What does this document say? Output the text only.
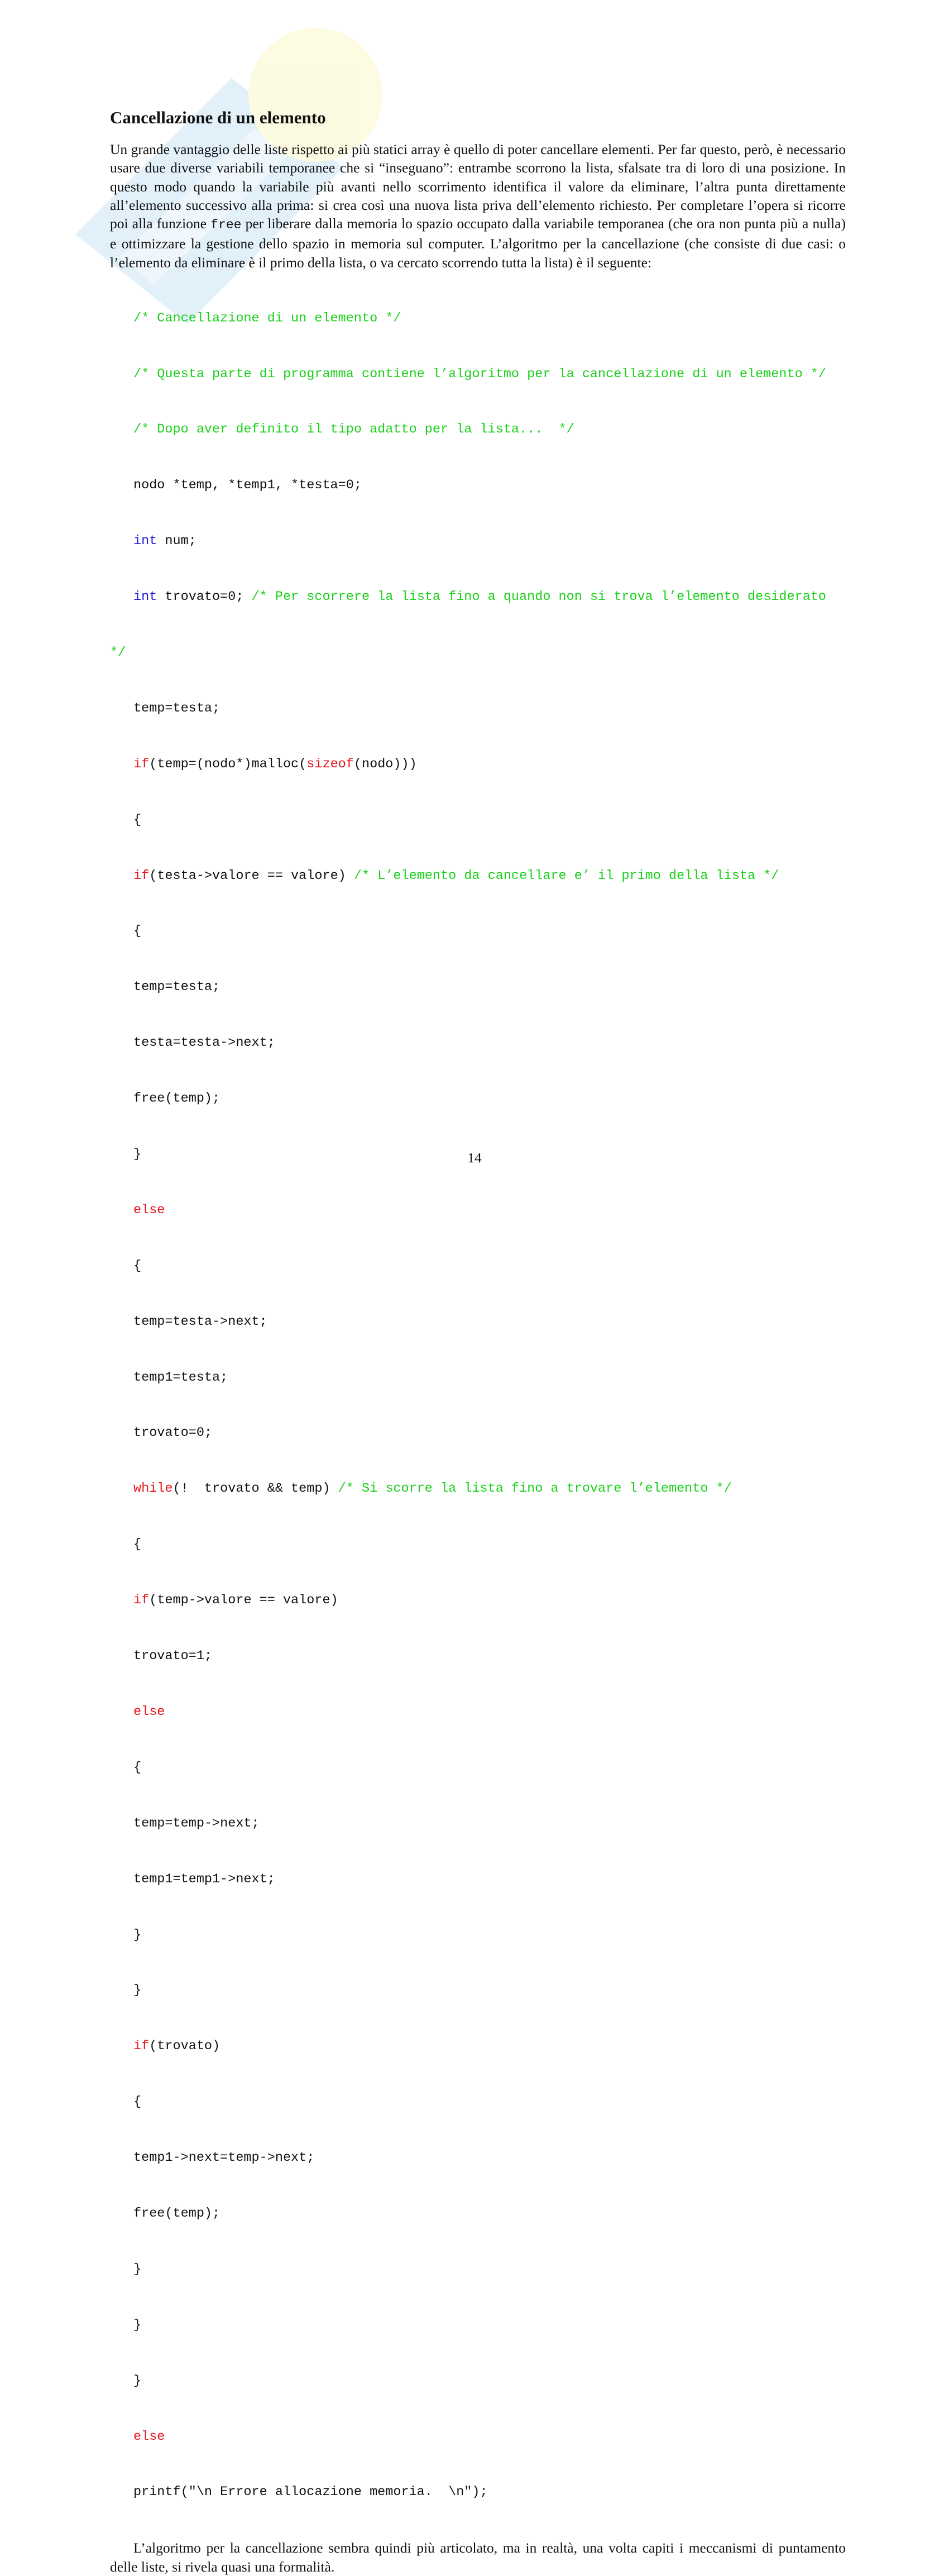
Cancellazione di un elemento

Un grande vantaggio delle liste rispetto ai più statici array è quello di poter cancellare elementi. Per far questo, però, è necessario usare due diverse variabili temporanee che si “inseguano”: entrambe scorrono la lista, sfalsate tra di loro di una posizione. In questo modo quando la variabile più avanti nello scorrimento identifica il valore da eliminare, l’altra punta direttamente all’elemento successivo alla prima: si crea così una nuova lista priva dell’elemento richiesto. Per completare l’opera si ricorre poi alla funzione free per liberare dalla memoria lo spazio occupato dalla variabile temporanea (che ora non punta più a nulla) e ottimizzare la gestione dello spazio in memoria sul computer. L’algoritmo per la cancellazione (che consiste di due casi: o l’elemento da eliminare è il primo della lista, o va cercato scorrendo tutta la lista) è il seguente:

/* Cancellazione di un elemento */

/* Questa parte di programma contiene l’algoritmo per la cancellazione di un elemento */

/* Dopo aver definito il tipo adatto per la lista...  */

nodo *temp, *temp1, *testa=0;

int num;

int trovato=0; /* Per scorrere la lista fino a quando non si trova l’elemento desiderato

*/

temp=testa;

if(temp=(nodo*)malloc(sizeof(nodo)))

{

if(testa->valore == valore) /* L’elemento da cancellare e’ il primo della lista */

{

temp=testa;

testa=testa->next;

free(temp);

}

else

{

temp=testa->next;

temp1=testa;

trovato=0;

while(!  trovato && temp) /* Si scorre la lista fino a trovare l’elemento */

{

if(temp->valore == valore)

trovato=1;

else

{

temp=temp->next;

temp1=temp1->next;

}

}

if(trovato)

{

temp1->next=temp->next;

free(temp);

}

}

}

else

printf("\n Errore allocazione memoria.  \n");

L’algoritmo per la cancellazione sembra quindi più articolato, ma in realtà, una volta capiti i meccanismi di puntamento delle liste, si rivela quasi una formalità.

14
